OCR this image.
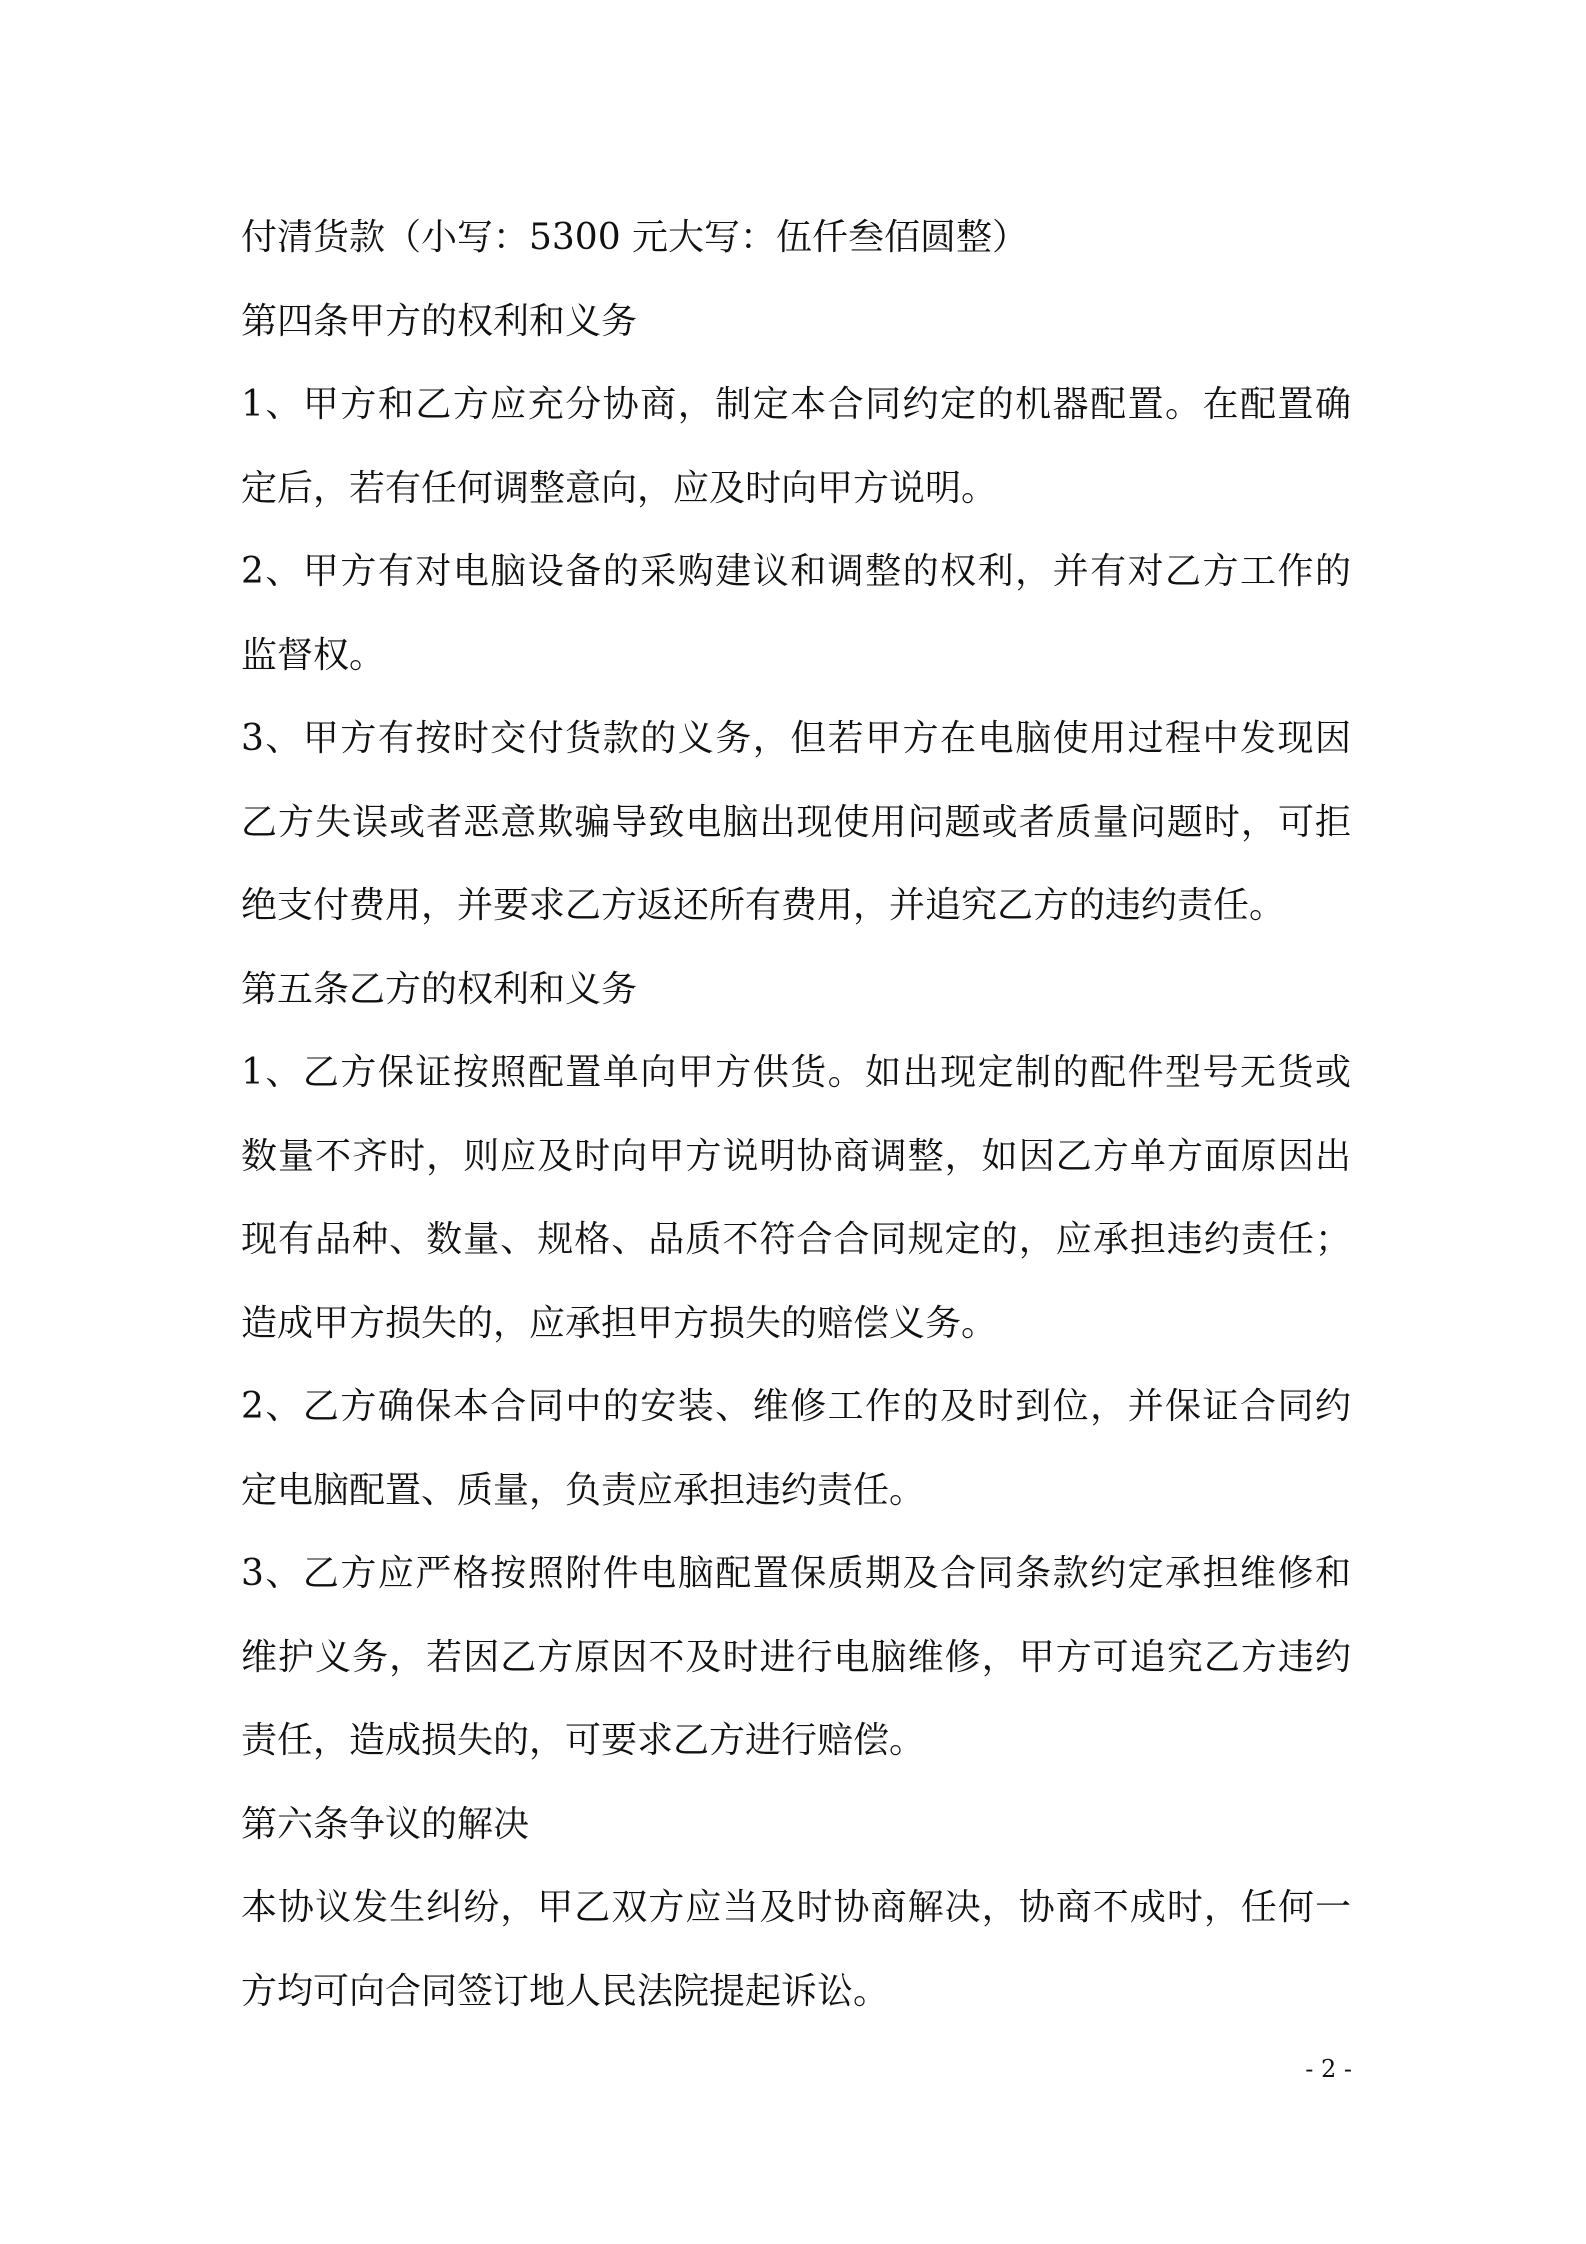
付清货款（小写：5300 元大写：伍仟叁佰圆整）
第四条甲方的权利和义务
1、甲方和乙方应充分协商，制定本合同约定的机器配置。在配置确
定后，若有任何调整意向，应及时向甲方说明。
2、甲方有对电脑设备的采购建议和调整的权利，并有对乙方工作的
监督权。
3、甲方有按时交付货款的义务，但若甲方在电脑使用过程中发现因
乙方失误或者恶意欺骗导致电脑出现使用问题或者质量问题时，可拒
绝支付费用，并要求乙方返还所有费用，并追究乙方的违约责任。
第五条乙方的权利和义务
1、乙方保证按照配置单向甲方供货。如出现定制的配件型号无货或
数量不齐时，则应及时向甲方说明协商调整，如因乙方单方面原因出
现有品种、数量、规格、品质不符合合同规定的，应承担违约责任；
造成甲方损失的，应承担甲方损失的赔偿义务。
2、乙方确保本合同中的安装、维修工作的及时到位，并保证合同约
定电脑配置、质量，负责应承担违约责任。
3、乙方应严格按照附件电脑配置保质期及合同条款约定承担维修和
维护义务，若因乙方原因不及时进行电脑维修，甲方可追究乙方违约
责任，造成损失的，可要求乙方进行赔偿。
第六条争议的解决
本协议发生纠纷，甲乙双方应当及时协商解决，协商不成时，任何一
方均可向合同签订地人民法院提起诉讼。
- 2 -
